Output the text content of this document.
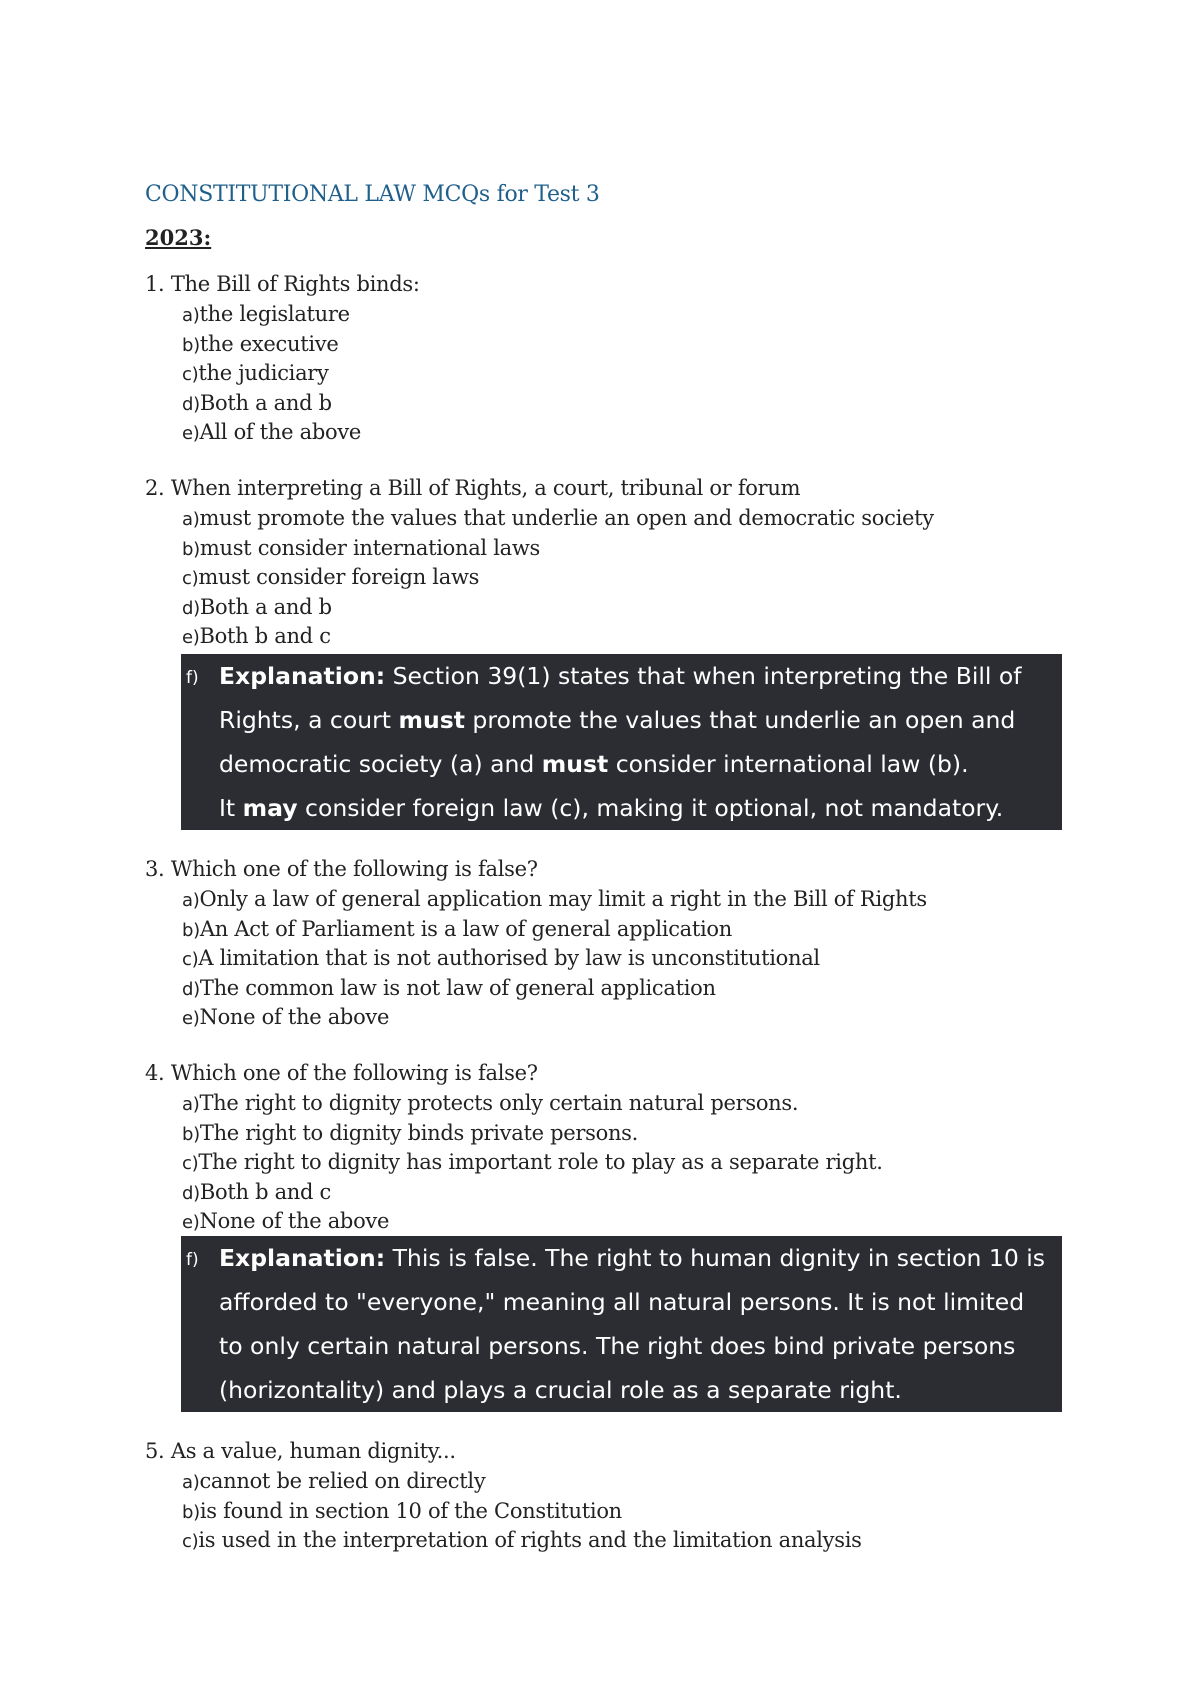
CONSTITUTIONAL LAW MCQs for Test 3
2023:
1. The Bill of Rights binds:
a)the legislature
b)the executive
c)the judiciary
d)Both a and b
e)All of the above
2. When interpreting a Bill of Rights, a court, tribunal or forum
a)must promote the values that underlie an open and democratic society
b)must consider international laws
c)must consider foreign laws
d)Both a and b
e)Both b and c
f) Explanation: Section 39(1) states that when interpreting the Bill of Rights, a court must promote the values that underlie an open and democratic society (a) and must consider international law (b).
It may consider foreign law (c), making it optional, not mandatory.
3. Which one of the following is false?
a)Only a law of general application may limit a right in the Bill of Rights
b)An Act of Parliament is a law of general application
c)A limitation that is not authorised by law is unconstitutional
d)The common law is not law of general application
e)None of the above
4. Which one of the following is false?
a)The right to dignity protects only certain natural persons.
b)The right to dignity binds private persons.
c)The right to dignity has important role to play as a separate right.
d)Both b and c
e)None of the above
f) Explanation: This is false. The right to human dignity in section 10 is afforded to "everyone," meaning all natural persons. It is not limited to only certain natural persons. The right does bind private persons (horizontality) and plays a crucial role as a separate right.
5. As a value, human dignity...
a)cannot be relied on directly
b)is found in section 10 of the Constitution
c)is used in the interpretation of rights and the limitation analysis
